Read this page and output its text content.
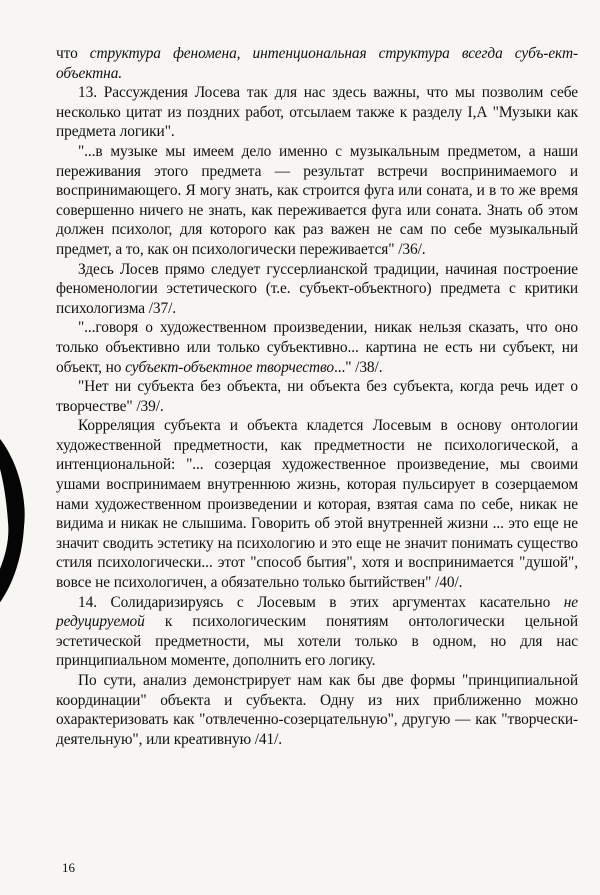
что структура феномена, интенциональная структура всегда субъ-ект-объектна.

13. Рассуждения Лосева так для нас здесь важны, что мы позволим себе несколько цитат из поздних работ, отсылаем также к разделу I,А "Музыки как предмета логики".

"...в музыке мы имеем дело именно с музыкальным предметом, а наши переживания этого предмета — результат встречи воспринимаемого и воспринимающего. Я могу знать, как строится фуга или соната, и в то же время совершенно ничего не знать, как переживается фуга или соната. Знать об этом должен психолог, для которого как раз важен не сам по себе музыкальный предмет, а то, как он психологически переживается" /36/.

Здесь Лосев прямо следует гуссерлианской традиции, начиная построение феноменологии эстетического (т.е. субъект-объектного) предмета с критики психологизма /37/.

"...говоря о художественном произведении, никак нельзя сказать, что оно только объективно или только субъективно... картина не есть ни субъект, ни объект, но субъект-объектное творчество..." /38/.

"Нет ни субъекта без объекта, ни объекта без субъекта, когда речь идет о творчестве" /39/.

Корреляция субъекта и объекта кладется Лосевым в основу онтологии художественной предметности, как предметности не психологической, а интенциональной: "... созерцая художественное произведение, мы своими ушами воспринимаем внутреннюю жизнь, которая пульсирует в созерцаемом нами художественном произведении и которая, взятая сама по себе, никак не видима и никак не слышима. Говорить об этой внутренней жизни ... это еще не значит сводить эстетику на психологию и это еще не значит понимать существо стиля психологически... этот "способ бытия", хотя и воспринимается "душой", вовсе не психологичен, а обязательно только бытийствен" /40/.

14. Солидаризируясь с Лосевым в этих аргументах касательно не редуцируемой к психологическим понятиям онтологически цельной эстетической предметности, мы хотели только в одном, но для нас принципиальном моменте, дополнить его логику.

По сути, анализ демонстрирует нам как бы две формы "принципиальной координации" объекта и субъекта. Одну из них приближенно можно охарактеризовать как "отвлеченно-созерцательную", другую — как "творчески-деятельную", или креативную /41/.

16
